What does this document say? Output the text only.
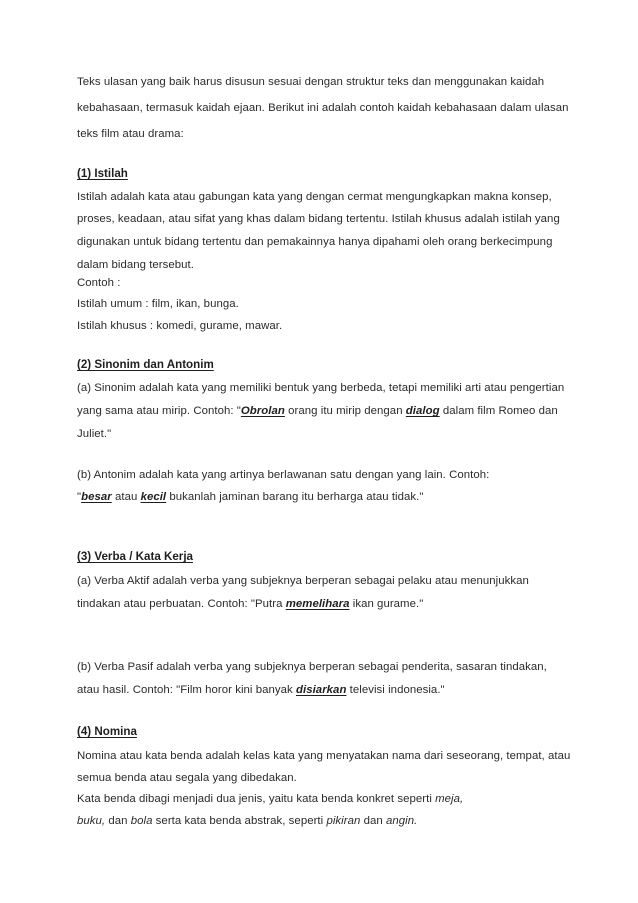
Teks ulasan yang baik harus disusun sesuai dengan struktur teks dan menggunakan kaidah
kebahasaan, termasuk kaidah ejaan. Berikut ini adalah contoh kaidah kebahasaan dalam ulasan
teks film atau drama:
(1) Istilah
Istilah adalah kata atau gabungan kata yang dengan cermat mengungkapkan makna konsep,
proses, keadaan, atau sifat yang khas dalam bidang tertentu. Istilah khusus adalah istilah yang
digunakan untuk bidang tertentu dan pemakainnya hanya dipahami oleh orang berkecimpung
dalam bidang tersebut.
Contoh :
Istilah umum : film, ikan, bunga.
Istilah khusus : komedi, gurame, mawar.
(2) Sinonim dan Antonim
(a) Sinonim adalah kata yang memiliki bentuk yang berbeda, tetapi memiliki arti atau pengertian
yang sama atau mirip. Contoh: "Obrolan orang itu mirip dengan dialog dalam film Romeo dan
Juliet."
(b) Antonim adalah kata yang artinya berlawanan satu dengan yang lain. Contoh:
"besar atau kecil bukanlah jaminan barang itu berharga atau tidak."
(3) Verba / Kata Kerja
(a) Verba Aktif adalah verba yang subjeknya berperan sebagai pelaku atau menunjukkan
tindakan atau perbuatan. Contoh: "Putra memelihara ikan gurame."
(b) Verba Pasif adalah verba yang subjeknya berperan sebagai penderita, sasaran tindakan,
atau hasil. Contoh: "Film horor kini banyak disiarkan televisi indonesia."
(4) Nomina
Nomina atau kata benda adalah kelas kata yang menyatakan nama dari seseorang, tempat, atau
semua benda atau segala yang dibedakan.
Kata benda dibagi menjadi dua jenis, yaitu kata benda konkret seperti meja,
buku, dan bola serta kata benda abstrak, seperti pikiran dan angin.
